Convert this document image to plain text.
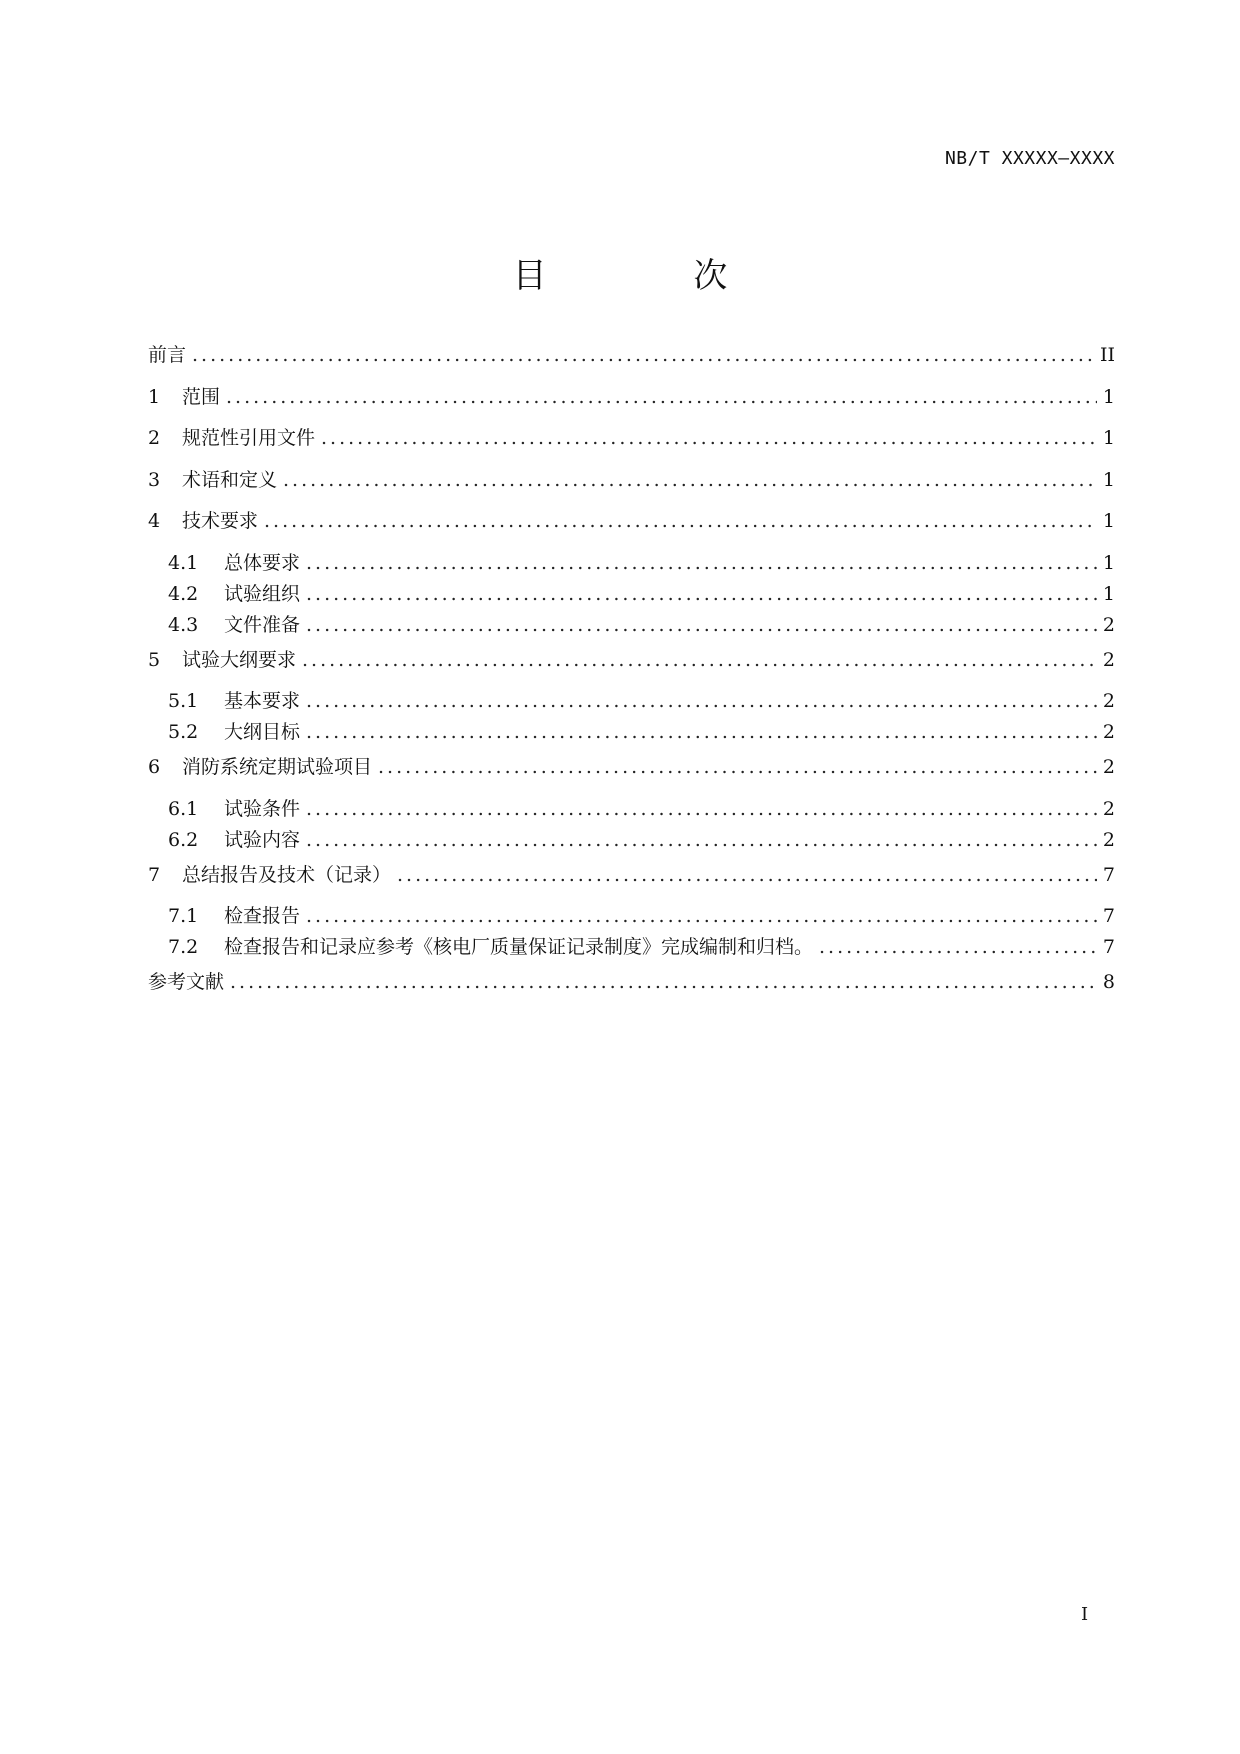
NB/T XXXXX—XXXX
目 次
前言 .....	II
1	范围 .....	1
2	规范性引用文件 .....	1
3	术语和定义 .....	1
4	技术要求 .....	1
4.1	总体要求 .....	1
4.2	试验组织 .....	1
4.3	文件准备 .....	2
5	试验大纲要求 .....	2
5.1	基本要求 .....	2
5.2	大纲目标 .....	2
6	消防系统定期试验项目 .....	2
6.1	试验条件 .....	2
6.2	试验内容 .....	2
7	总结报告及技术（记录） .....	7
7.1	检查报告 .....	7
7.2	检查报告和记录应参考《核电厂质量保证记录制度》完成编制和归档。 .....	7
参考文献 .....	8
I
